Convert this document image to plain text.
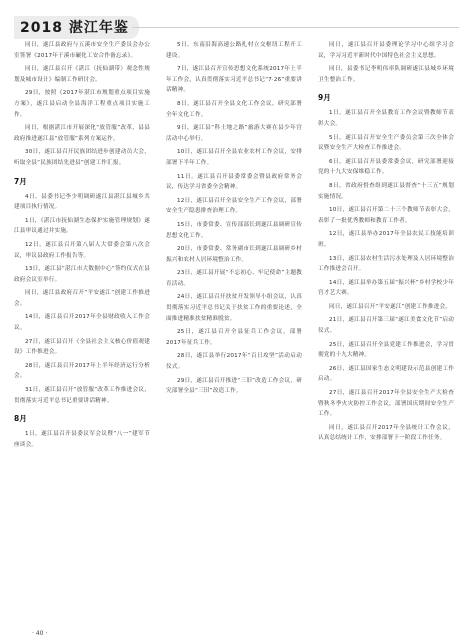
2018 湛江年鉴
同日，遂江县政府与五溪市安全生产委员会办公室签署《2017年千溪市碾化工安合作备忘录》。
同日，遂江县召开《湛江（抚仙湖带）观念性规划及城市设计》编制工作研讨会。
29日，按照《2017年湛江市规划重点项目实施方案》，遂江县启动全县海洋工程重点项目实施工作。
同日，根据湛江市开展深化“放管服”改革，县县政府推进遂江县“放管服”系列方案运作。
30日，遂江县召开民族团结进步创建动员大会，听取全县“民族团结先进县”创建工作汇报。
7月
4日，县委书记李少明调研遂江县湛江县城乡共建项目执行情况。
1日，《湛江市抚仙湖生态保护实施管理规划》遂江县审议通过并实施。
12日，遂江县召开第八届人大常委会第八次会议，审议县政府工作报告等。
13日，遂江县“湛江市大数据中心”签约仪式在县政府会议室举行。
同日，遂江县政府召开“平安遂江”创建工作推进会。
14日，遂江县召开2017年全县财政收入工作会议。
27日，遂江县召开《全县社会主义核心价值观建设》工作推进会。
28日，遂江县召开2017年上半年经济运行分析会。
31日，遂江县召开“放管服”改革工作推进会议，贯彻落实习近平总书记重要讲话精神。
8月
1日，遂江县召开县委议军会议暨“八一”建军节座谈会。
5日，东南沿海高速公路扎村立交枢纽工程开工建设。
7日，遂江县召开宣传思想文化系统2017年上半年工作会，认真贯彻落实习近平总书记“7·26”重要讲话精神。
8日，遂江县召开全县文化工作会议，研究部署全年文化工作。
9日，遂江县“科士地之路”旅游大赛在县少年宫活动中心举行。
10日，遂江县召开全县农业农村工作会议，安排部署下半年工作。
11日，遂江县召开县委常委会暨县政府常务会议，传达学习省委全会精神。
12日，遂江县召开全县安全生产工作会议，部署安全生产隐患排查治理工作。
15日，市委常委、宣传部部长到遂江县调研宣传思想文化工作。
20日，市委常委、常务副市长到遂江县调研乡村振兴和农村人居环境整治工作。
23日，遂江县开展“不忘初心、牢记使命”主题教育活动。
24日，遂江县召开扶贫开发领导小组会议，认真贯彻落实习近平总书记关于扶贫工作的重要论述，全面推进精准扶贫精准脱贫。
25日，遂江县召开全县征兵工作会议，部署2017年征兵工作。
28日，遂江县举行2017年“百日攻坚”活动启动仪式。
29日，遂江县召开推进“三旧”改造工作会议，研究部署全县“三旧”改造工作。
同日，遂江县召开县委理论学习中心组学习会议，学习习近平新时代中国特色社会主义思想。
同日，县委书记李明伟率队调研遂江县城乡环境卫生整治工作。
9月
1日，遂江县召开全县教育工作会议暨教师节表彰大会。
5日，遂江县召开安全生产委员会第三次全体会议暨安全生产大检查工作推进会。
6日，遂江县召开县委常委会议，研究部署迎接党的十九大安保维稳工作。
8日，省政府督查组到遂江县督查“十三五”规划实施情况。
10日，遂江县召开第二十三个教师节表彰大会，表彰了一批优秀教师和教育工作者。
12日，遂江县举办2017年全县农民工技能培训班。
13日，遂江县农村生活污水处理及人居环境整治工作推进会召开。
14日，遂江县举办第五届“振兴杯”乡村学校少年宫才艺大赛。
同日，遂江县召开“平安遂江”创建工作推进会。
21日，遂江县召开第三届“遂江美食文化节”启动仪式。
25日，遂江县召开全县党建工作推进会，学习贯彻党的十九大精神。
26日，遂江县国家生态文明建设示范县创建工作启动。
27日，遂江县召开2017年全县安全生产大检查暨秋冬季火灾防控工作会议，部署国庆期间安全生产工作。
同日，遂江县召开2017年全县统计工作会议，认真总结统计工作，安排部署下一阶段工作任务。
· 40 ·
